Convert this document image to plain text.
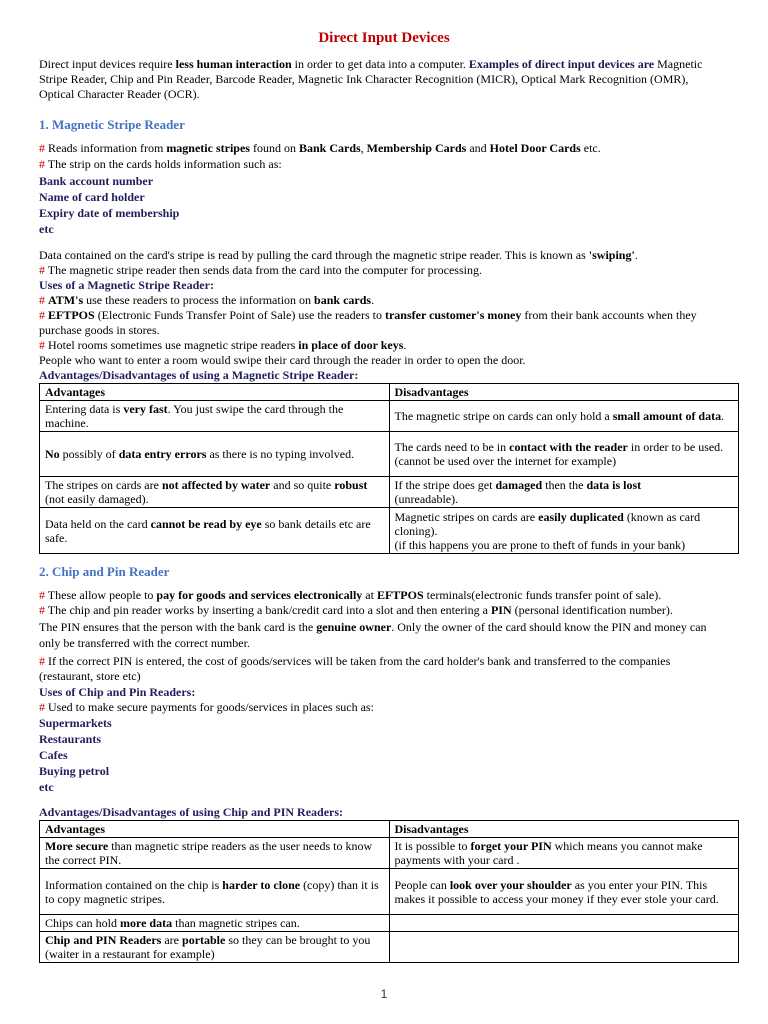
Direct Input Devices
Direct input devices require less human interaction in order to get data into a computer. Examples of direct input devices are Magnetic
Stripe Reader, Chip and Pin Reader, Barcode Reader, Magnetic Ink Character Recognition (MICR), Optical Mark Recognition (OMR),
Optical Character Reader (OCR).
1. Magnetic Stripe Reader
# Reads information from magnetic stripes found on Bank Cards, Membership Cards and Hotel Door Cards etc.
# The strip on the cards holds information such as:
Bank account number
Name of card holder
Expiry date of membership
etc
Data contained on the card's stripe is read by pulling the card through the magnetic stripe reader. This is known as 'swiping'.
# The magnetic stripe reader then sends data from the card into the computer for processing.
Uses of a Magnetic Stripe Reader:
# ATM's use these readers to process the information on bank cards.
# EFTPOS (Electronic Funds Transfer Point of Sale) use the readers to transfer customer's money from their bank accounts when they
purchase goods in stores.
# Hotel rooms sometimes use magnetic stripe readers in place of door keys.
People who want to enter a room would swipe their card through the reader in order to open the door.
Advantages/Disadvantages of using a Magnetic Stripe Reader:
Advantages	Disadvantages
Entering data is very fast. You just swipe the card through the machine.	The magnetic stripe on cards can only hold a small amount of data.
No possibly of data entry errors as there is no typing involved.	The cards need to be in contact with the reader in order to be used.
(cannot be used over the internet for example)
The stripes on cards are not affected by water and so quite robust
(not easily damaged).	If the stripe does get damaged then the data is lost
(unreadable).
Data held on the card cannot be read by eye so bank details etc are safe.	Magnetic stripes on cards are easily duplicated (known as card cloning).
(if this happens you are prone to theft of funds in your bank)
2. Chip and Pin Reader
# These allow people to pay for goods and services electronically at EFTPOS terminals(electronic funds transfer point of sale).
# The chip and pin reader works by inserting a bank/credit card into a slot and then entering a PIN (personal identification number).
The PIN ensures that the person with the bank card is the genuine owner. Only the owner of the card should know the PIN and money can
only be transferred with the correct number.
# If the correct PIN is entered, the cost of goods/services will be taken from the card holder's bank and transferred to the companies
(restaurant, store etc)
Uses of Chip and Pin Readers:
# Used to make secure payments for goods/services in places such as:
Supermarkets
Restaurants
Cafes
Buying petrol
etc
Advantages/Disadvantages of using Chip and PIN Readers:
Advantages	Disadvantages
More secure than magnetic stripe readers as the user needs to know the correct PIN.	It is possible to forget your PIN which means you cannot make payments with your card .
Information contained on the chip is harder to clone (copy) than it is to copy magnetic stripes.	People can look over your shoulder as you enter your PIN. This makes it possible to access your money if they ever stole your card.
Chips can hold more data than magnetic stripes can.	
Chip and PIN Readers are portable so they can be brought to you (waiter in a restaurant for example)	
1
